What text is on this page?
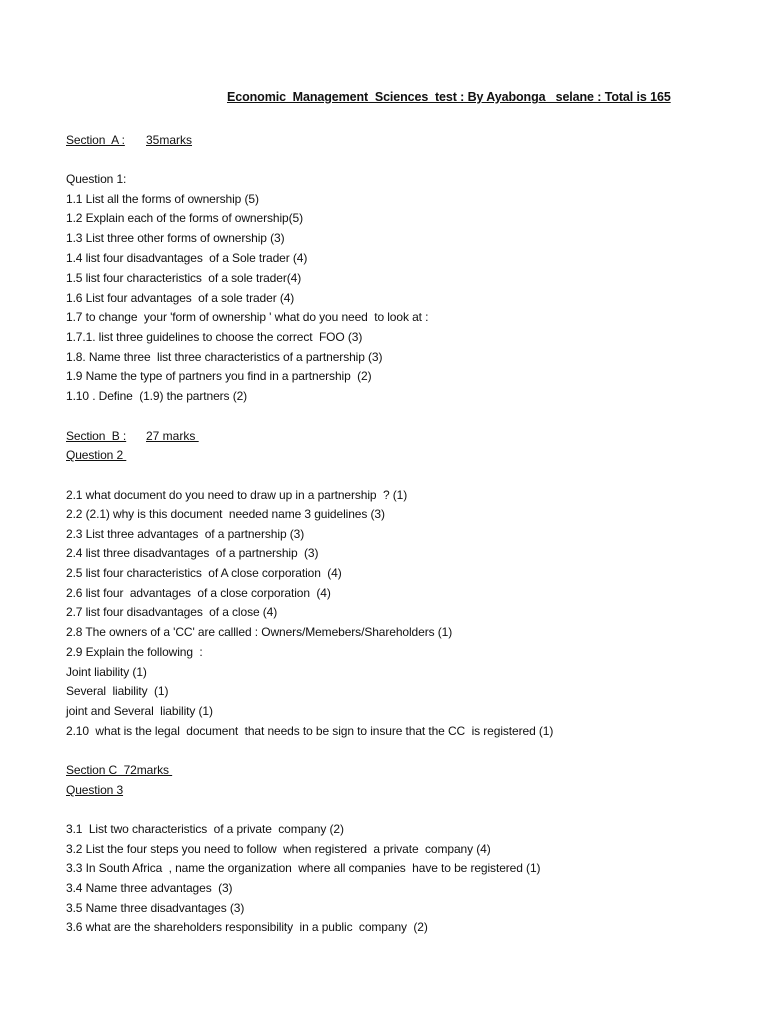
Economic  Management  Sciences  test : By Ayabonga   selane : Total is 165
Section  A : 35marks
Question 1:
1.1 List all the forms of ownership (5)
1.2 Explain each of the forms of ownership(5)
1.3 List three other forms of ownership (3)
1.4 list four disadvantages  of a Sole trader (4)
1.5 list four characteristics  of a sole trader(4)
1.6 List four advantages  of a sole trader (4)
1.7 to change  your 'form of ownership ' what do you need  to look at :
1.7.1. list three guidelines to choose the correct  FOO (3)
1.8. Name three  list three characteristics of a partnership (3)
1.9 Name the type of partners you find in a partnership  (2)
1.10 . Define  (1.9) the partners (2)
Section  B : 27 marks
Question 2
2.1 what document do you need to draw up in a partnership  ? (1)
2.2 (2.1) why is this document  needed name 3 guidelines (3)
2.3 List three advantages  of a partnership (3)
2.4 list three disadvantages  of a partnership  (3)
2.5 list four characteristics  of A close corporation  (4)
2.6 list four  advantages  of a close corporation  (4)
2.7 list four disadvantages  of a close (4)
2.8 The owners of a 'CC' are callled : Owners/Memebers/Shareholders (1)
2.9 Explain the following  :
Joint liability (1)
Several  liability  (1)
joint and Several  liability (1)
2.10  what is the legal  document  that needs to be sign to insure that the CC  is registered (1)
Section C  72marks
Question 3
3.1  List two characteristics  of a private  company (2)
3.2 List the four steps you need to follow  when registered  a private  company (4)
3.3 In South Africa  , name the organization  where all companies  have to be registered (1)
3.4 Name three advantages  (3)
3.5 Name three disadvantages (3)
3.6 what are the shareholders responsibility  in a public  company  (2)
